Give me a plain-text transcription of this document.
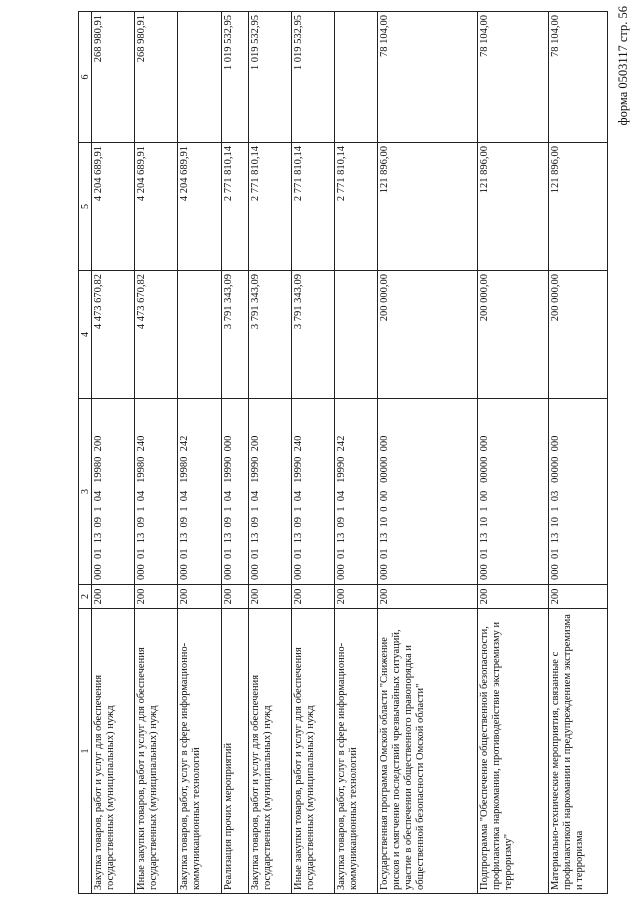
форма 0503117 стр. 56
1	2	3	4	5	6
Закупка товаров, работ и услуг для обеспечения государственных (муниципальных) нужд	200	000  01  13  09  1  04   19980  200	4 473 670,82	4 204 689,91	268 980,91
Иные закупки товаров, работ и услуг для обеспечения государственных (муниципальных) нужд	200	000  01  13  09  1  04   19980  240	4 473 670,82	4 204 689,91	268 980,91
Закупка товаров, работ, услуг в сфере информационно-коммуникационных технологий	200	000  01  13  09  1  04   19980  242		4 204 689,91	
Реализация прочих мероприятий	200	000  01  13  09  1  04   19990  000	3 791 343,09	2 771 810,14	1 019 532,95
Закупка товаров, работ и услуг для обеспечения государственных (муниципальных) нужд	200	000  01  13  09  1  04   19990  200	3 791 343,09	2 771 810,14	1 019 532,95
Иные закупки товаров, работ и услуг для обеспечения государственных (муниципальных) нужд	200	000  01  13  09  1  04   19990  240	3 791 343,09	2 771 810,14	1 019 532,95
Закупка товаров, работ, услуг в сфере информационно-коммуникационных технологий	200	000  01  13  09  1  04   19990  242		2 771 810,14	
Государственная программа Омской области "Снижение рисков и смягчение последствий чрезвычайных ситуаций, участие в обеспечении общественного правопорядка и общественной безопасности Омской области"	200	000  01  13  10  0  00   00000  000	200 000,00	121 896,00	78 104,00
Подпрограмма "Обеспечение общественной безопасности, профилактика наркомании, противодействие экстремизму и терроризму"	200	000  01  13  10  1  00   00000  000	200 000,00	121 896,00	78 104,00
Материально-технические мероприятия, связанные с профилактикой наркомании и предупреждением экстремизма и терроризма	200	000  01  13  10  1  03   00000  000	200 000,00	121 896,00	78 104,00
